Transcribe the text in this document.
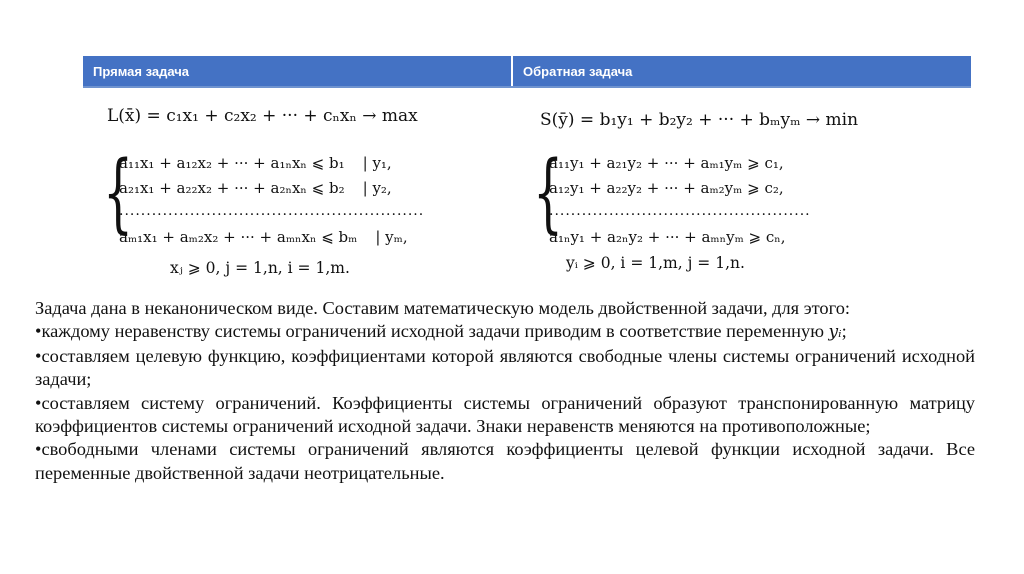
Прямая задача	Обратная задача
L(x̄) = c₁x₁ + c₂x₂ + ··· + cₙxₙ → max
{
a₁₁x₁ + a₁₂x₂ + ··· + a₁ₙxₙ ⩽ b₁ | y₁,
a₂₁x₁ + a₂₂x₂ + ··· + a₂ₙxₙ ⩽ b₂ | y₂,
........................................................
aₘ₁x₁ + aₘ₂x₂ + ··· + aₘₙxₙ ⩽ bₘ | yₘ,
xⱼ ⩾ 0, j = 1,n, i = 1,m.
S(ȳ) = b₁y₁ + b₂y₂ + ··· + bₘyₘ → min
{
a₁₁y₁ + a₂₁y₂ + ··· + aₘ₁yₘ ⩾ c₁,
a₁₂y₁ + a₂₂y₂ + ··· + aₘ₂yₘ ⩾ c₂,
................................................
a₁ₙy₁ + a₂ₙy₂ + ··· + aₘₙyₘ ⩾ cₙ,
yᵢ ⩾ 0, i = 1,m, j = 1,n.

Задача дана в неканоническом виде. Составим математическую модель двойственной задачи, для этого:

•каждому неравенству системы ограничений исходной задачи приводим в соответствие переменную yᵢ;

•составляем целевую функцию, коэффициентами которой являются свободные члены системы ограничений исходной задачи;

•составляем систему ограничений. Коэффициенты системы ограничений образуют транспонированную матрицу коэффициентов системы ограничений исходной задачи. Знаки неравенств меняются на противоположные;

•свободными членами системы ограничений являются коэффициенты целевой функции исходной задачи. Все переменные двойственной задачи неотрицательные.
